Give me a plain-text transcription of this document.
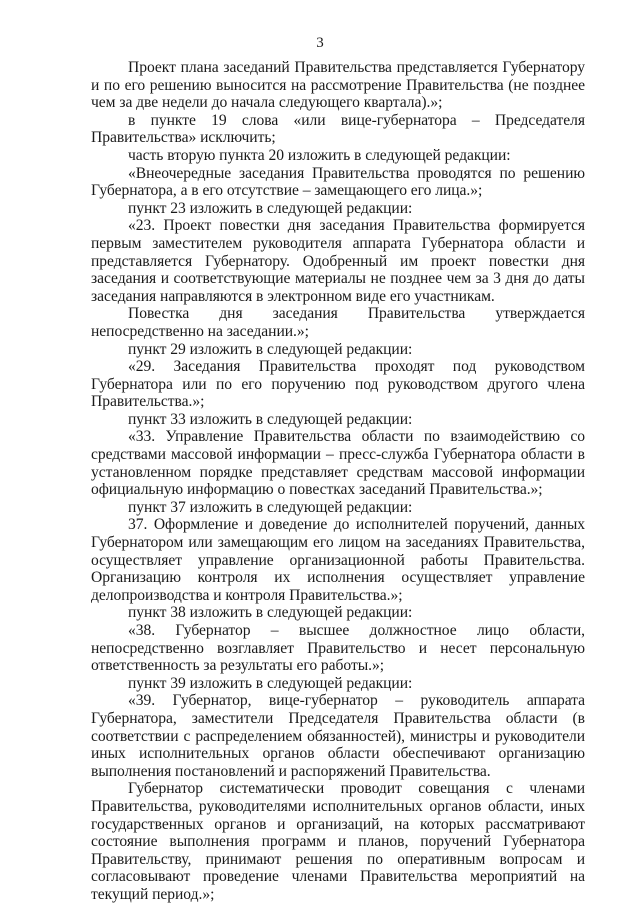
3

Проект плана заседаний Правительства представляется Губернатору и по его решению выносится на рассмотрение Правительства (не позднее чем за две недели до начала следующего квартала).»;

в пункте 19 слова «или вице-губернатора – Председателя Правительства» исключить;

часть вторую пункта 20 изложить в следующей редакции:

«Внеочередные заседания Правительства проводятся по решению Губернатора, а в его отсутствие – замещающего его лица.»;

пункт 23 изложить в следующей редакции:

«23. Проект повестки дня заседания Правительства формируется первым заместителем руководителя аппарата Губернатора области и представляется Губернатору. Одобренный им проект повестки дня заседания и соответствующие материалы не позднее чем за 3 дня до даты заседания направляются в электронном виде его участникам.

Повестка дня заседания Правительства утверждается непосредственно на заседании.»;

пункт 29 изложить в следующей редакции:

«29. Заседания Правительства проходят под руководством Губернатора или по его поручению под руководством другого члена Правительства.»;

пункт 33 изложить в следующей редакции:

«33. Управление Правительства области по взаимодействию со средствами массовой информации – пресс-служба Губернатора области в установленном порядке представляет средствам массовой информации официальную информацию о повестках заседаний Правительства.»;

пункт 37 изложить в следующей редакции:

37. Оформление и доведение до исполнителей поручений, данных Губернатором или замещающим его лицом на заседаниях Правительства, осуществляет управление организационной работы Правительства. Организацию контроля их исполнения осуществляет управление делопроизводства и контроля Правительства.»;

пункт 38 изложить в следующей редакции:

«38. Губернатор – высшее должностное лицо области, непосредственно возглавляет Правительство и несет персональную ответственность за результаты его работы.»;

пункт 39 изложить в следующей редакции:

«39. Губернатор, вице-губернатор – руководитель аппарата Губернатора, заместители Председателя Правительства области (в соответствии с распределением обязанностей), министры и руководители иных исполнительных органов области обеспечивают организацию выполнения постановлений и распоряжений Правительства.

Губернатор систематически проводит совещания с членами Правительства, руководителями исполнительных органов области, иных государственных органов и организаций, на которых рассматривают состояние выполнения программ и планов, поручений Губернатора Правительству, принимают решения по оперативным вопросам и согласовывают проведение членами Правительства мероприятий на текущий период.»;
